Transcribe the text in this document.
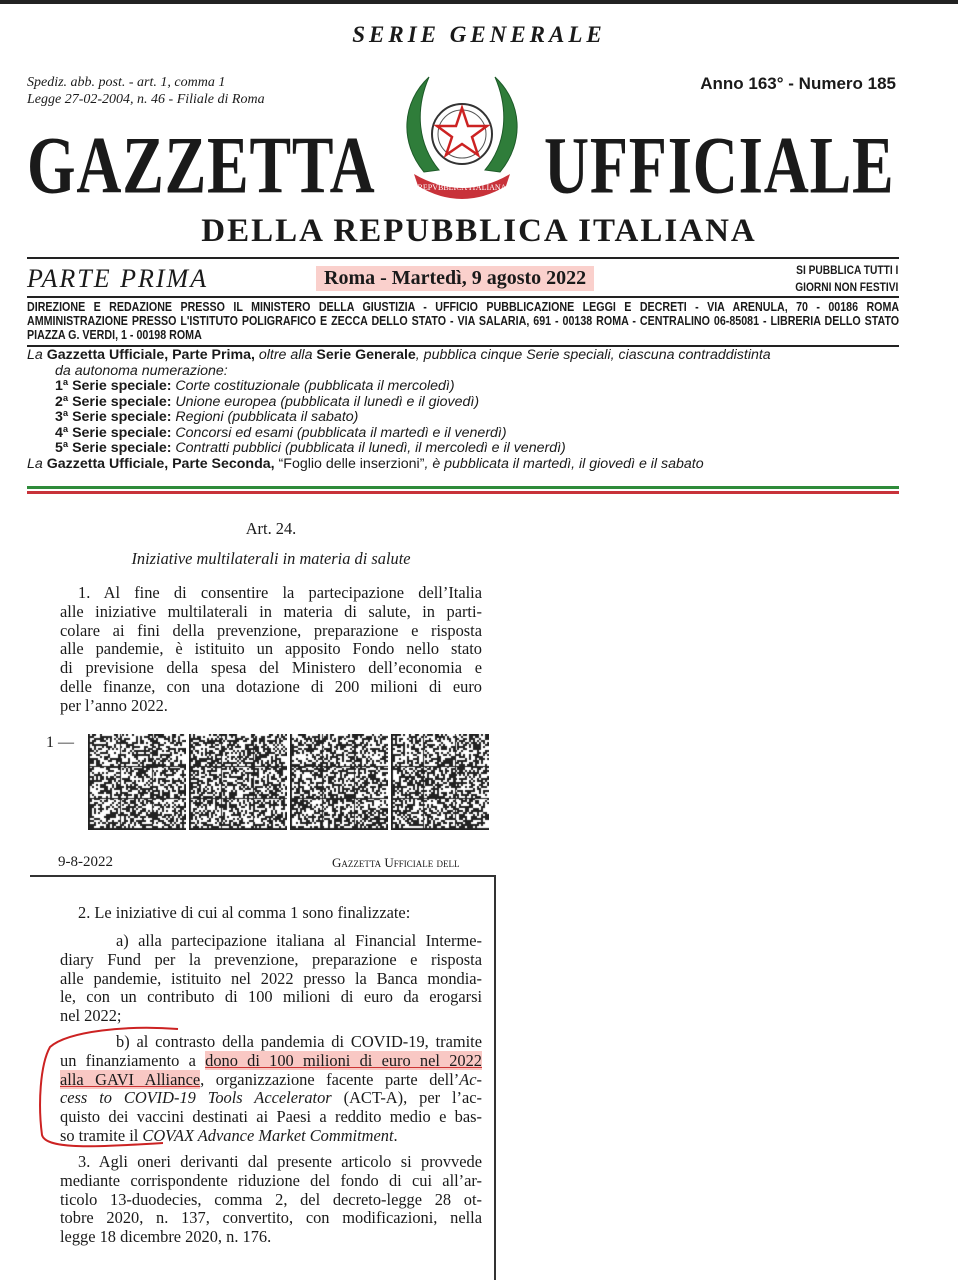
SERIE GENERALE
Spediz. abb. post. - art. 1, comma 1
Legge 27-02-2004, n. 46 - Filiale di Roma
Anno 163° - Numero 185
GAZZETTA UFFICIALE
REPVBBLICA ITALIANA
DELLA REPUBBLICA ITALIANA
PARTE PRIMA	Roma - Martedì, 9 agosto 2022	SI PUBBLICA TUTTI I
GIORNI NON FESTIVI
DIREZIONE E REDAZIONE PRESSO IL MINISTERO DELLA GIUSTIZIA - UFFICIO PUBBLICAZIONE LEGGI E DECRETI - VIA ARENULA, 70 - 00186 ROMA
AMMINISTRAZIONE PRESSO L'ISTITUTO POLIGRAFICO E ZECCA DELLO STATO - VIA SALARIA, 691 - 00138 ROMA - CENTRALINO 06-85081 - LIBRERIA DELLO STATO
PIAZZA G. VERDI, 1 - 00198 ROMA
La Gazzetta Ufficiale, Parte Prima, oltre alla Serie Generale, pubblica cinque Serie speciali, ciascuna contraddistinta
da autonoma numerazione:
1ª Serie speciale: Corte costituzionale (pubblicata il mercoledì)
2ª Serie speciale: Unione europea (pubblicata il lunedì e il giovedì)
3ª Serie speciale: Regioni (pubblicata il sabato)
4ª Serie speciale: Concorsi ed esami (pubblicata il martedì e il venerdì)
5ª Serie speciale: Contratti pubblici (pubblicata il lunedì, il mercoledì e il venerdì)
La Gazzetta Ufficiale, Parte Seconda, “Foglio delle inserzioni”, è pubblicata il martedì, il giovedì e il sabato
Art. 24.
Iniziative multilaterali in materia di salute
1. Al fine di consentire la partecipazione dell’Italia
alle iniziative multilaterali in materia di salute, in parti-
colare ai fini della prevenzione, preparazione e risposta
alle pandemie, è istituito un apposito Fondo nello stato
di previsione della spesa del Ministero dell’economia e
delle finanze, con una dotazione di 200 milioni di euro
per l’anno 2022.
1 —
9-8-2022	Gazzetta Ufficiale dell
2. Le iniziative di cui al comma 1 sono finalizzate:
a) alla partecipazione italiana al Financial Interme-
diary Fund per la prevenzione, preparazione e risposta
alle pandemie, istituito nel 2022 presso la Banca mondia-
le, con un contributo di 100 milioni di euro da erogarsi
nel 2022;
b) al contrasto della pandemia di COVID-19, tramite
un finanziamento a dono di 100 milioni di euro nel 2022
alla GAVI Alliance, organizzazione facente parte dell’Ac-
cess to COVID-19 Tools Accelerator (ACT-A), per l’ac-
quisto dei vaccini destinati ai Paesi a reddito medio e bas-
so tramite il COVAX Advance Market Commitment.
3. Agli oneri derivanti dal presente articolo si provvede
mediante corrispondente riduzione del fondo di cui all’ar-
ticolo 13-duodecies, comma 2, del decreto-legge 28 ot-
tobre 2020, n. 137, convertito, con modificazioni, nella
legge 18 dicembre 2020, n. 176.
